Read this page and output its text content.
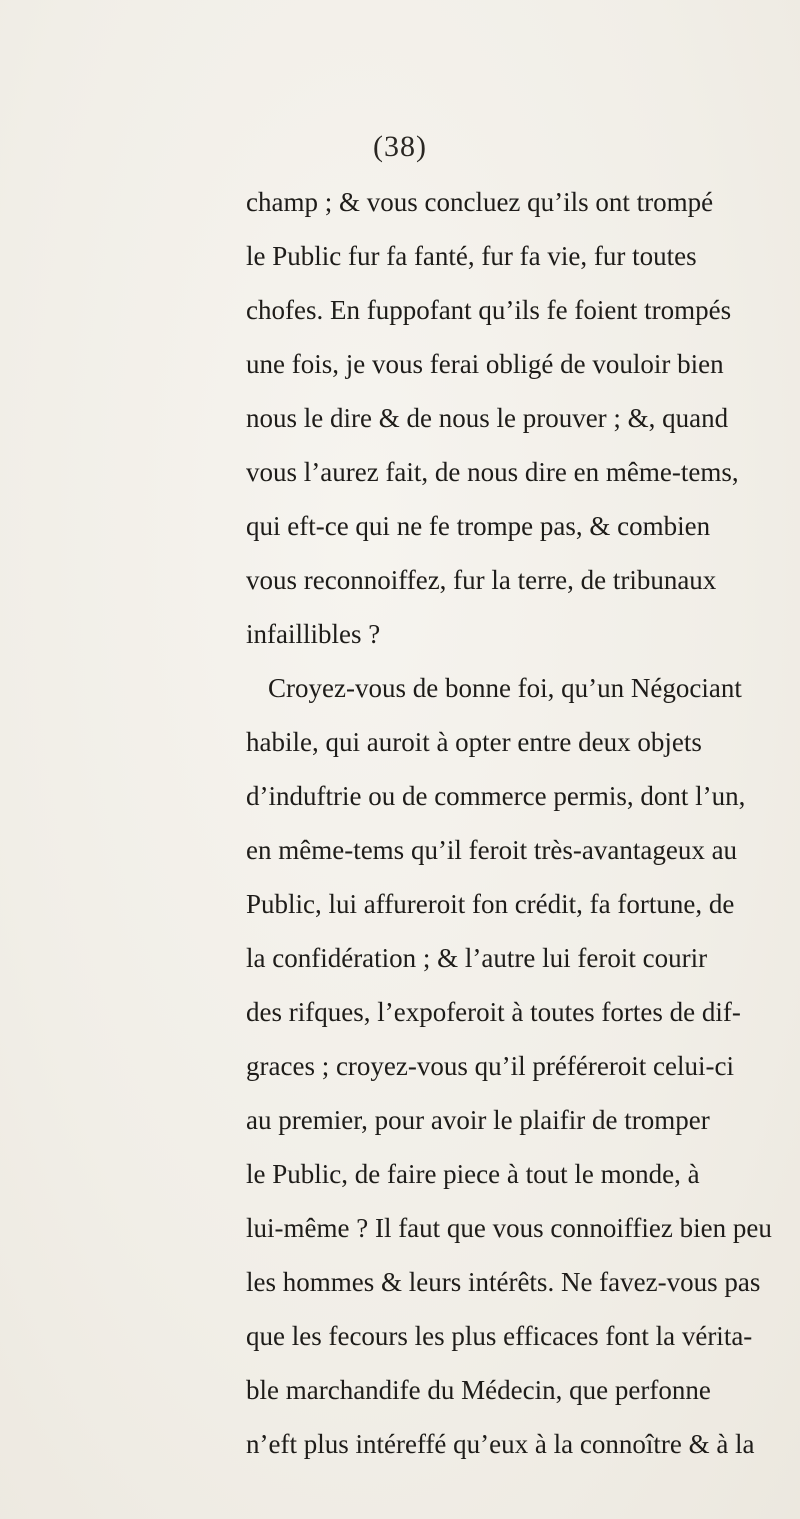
(38)
champ ; & vous concluez qu’ils ont trompé
le Public fur fa fanté, fur fa vie, fur toutes
chofes. En fuppofant qu’ils fe foient trompés
une fois, je vous ferai obligé de vouloir bien
nous le dire & de nous le prouver ; &, quand
vous l’aurez fait, de nous dire en même-tems,
qui eft-ce qui ne fe trompe pas, & combien
vous reconnoiffez, fur la terre, de tribunaux
infaillibles ?
Croyez-vous de bonne foi, qu’un Négociant
habile, qui auroit à opter entre deux objets
d’induftrie ou de commerce permis, dont l’un,
en même-tems qu’il feroit très-avantageux au
Public, lui affureroit fon crédit, fa fortune, de
la confidération ; & l’autre lui feroit courir
des rifques, l’expoferoit à toutes fortes de dif-
graces ; croyez-vous qu’il préféreroit celui-ci
au premier, pour avoir le plaifir de tromper
le Public, de faire piece à tout le monde, à
lui-même ? Il faut que vous connoiffiez bien peu
les hommes & leurs intérêts. Ne favez-vous pas
que les fecours les plus efficaces font la vérita-
ble marchandife du Médecin, que perfonne
n’eft plus intéreffé qu’eux à la connoître & à la
